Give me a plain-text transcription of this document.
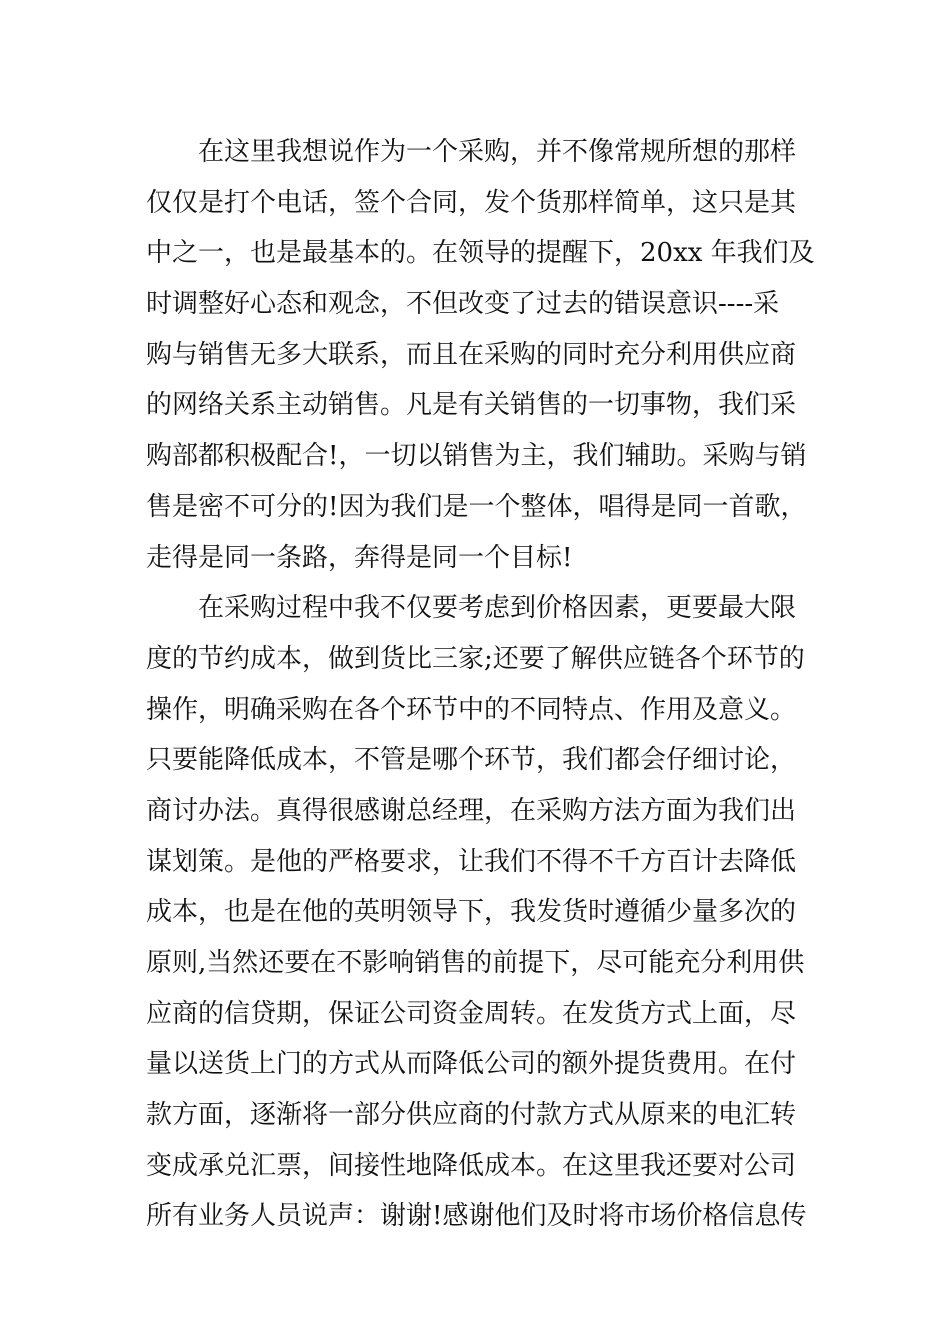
　　在这里我想说作为一个采购，并不像常规所想的那样
仅仅是打个电话，签个合同，发个货那样简单，这只是其
中之一，也是最基本的。在领导的提醒下，20xx 年我们及
时调整好心态和观念，不但改变了过去的错误意识----采
购与销售无多大联系，而且在采购的同时充分利用供应商
的网络关系主动销售。凡是有关销售的一切事物，我们采
购部都积极配合!，一切以销售为主，我们辅助。采购与销
售是密不可分的!因为我们是一个整体，唱得是同一首歌，
走得是同一条路，奔得是同一个目标!
　　在采购过程中我不仅要考虑到价格因素，更要最大限
度的节约成本，做到货比三家;还要了解供应链各个环节的
操作，明确采购在各个环节中的不同特点、作用及意义。
只要能降低成本，不管是哪个环节，我们都会仔细讨论，
商讨办法。真得很感谢总经理，在采购方法方面为我们出
谋划策。是他的严格要求，让我们不得不千方百计去降低
成本，也是在他的英明领导下，我发货时遵循少量多次的
原则,当然还要在不影响销售的前提下，尽可能充分利用供
应商的信贷期，保证公司资金周转。在发货方式上面，尽
量以送货上门的方式从而降低公司的额外提货费用。在付
款方面，逐渐将一部分供应商的付款方式从原来的电汇转
变成承兑汇票，间接性地降低成本。在这里我还要对公司
所有业务人员说声：谢谢!感谢他们及时将市场价格信息传
